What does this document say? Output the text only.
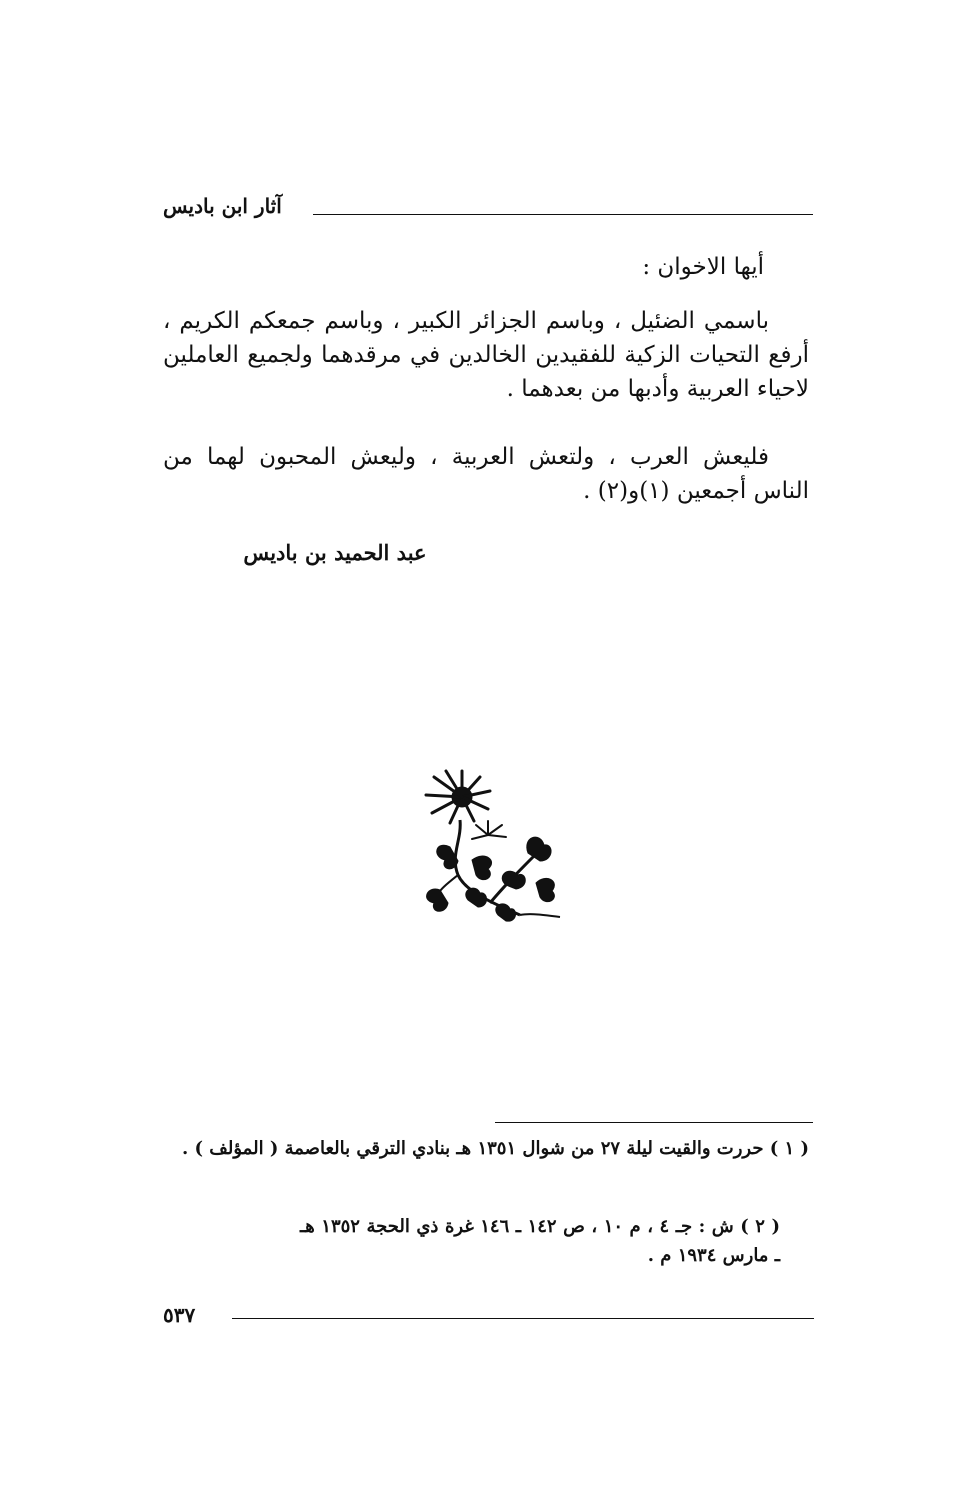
آثار ابن باديس
أيها الاخوان :
باسمي الضئيل ، وباسم الجزائر الكبير ، وباسم جمعكم الكريم ، أرفع التحيات الزكية للفقيدين الخالدين في مرقدهما ولجميع العاملين لاحياء العربية وأدبها من بعدهما .
فليعش العرب ، ولتعش العربية ، وليعش المحبون لهما من الناس أجمعين (١)و(٢) .
عبد الحميد بن باديس
( ١ ) حررت والقيت ليلة ٢٧ من شوال ١٣٥١ هـ بنادي الترقي بالعاصمة ( المؤلف ) .
( ٢ ) ش : جـ ٤ ، م ١٠ ، ص ١٤٢ ـ ١٤٦ غرة ذي الحجة ١٣٥٢ هـ ـ مارس ١٩٣٤ م .
٥٣٧
